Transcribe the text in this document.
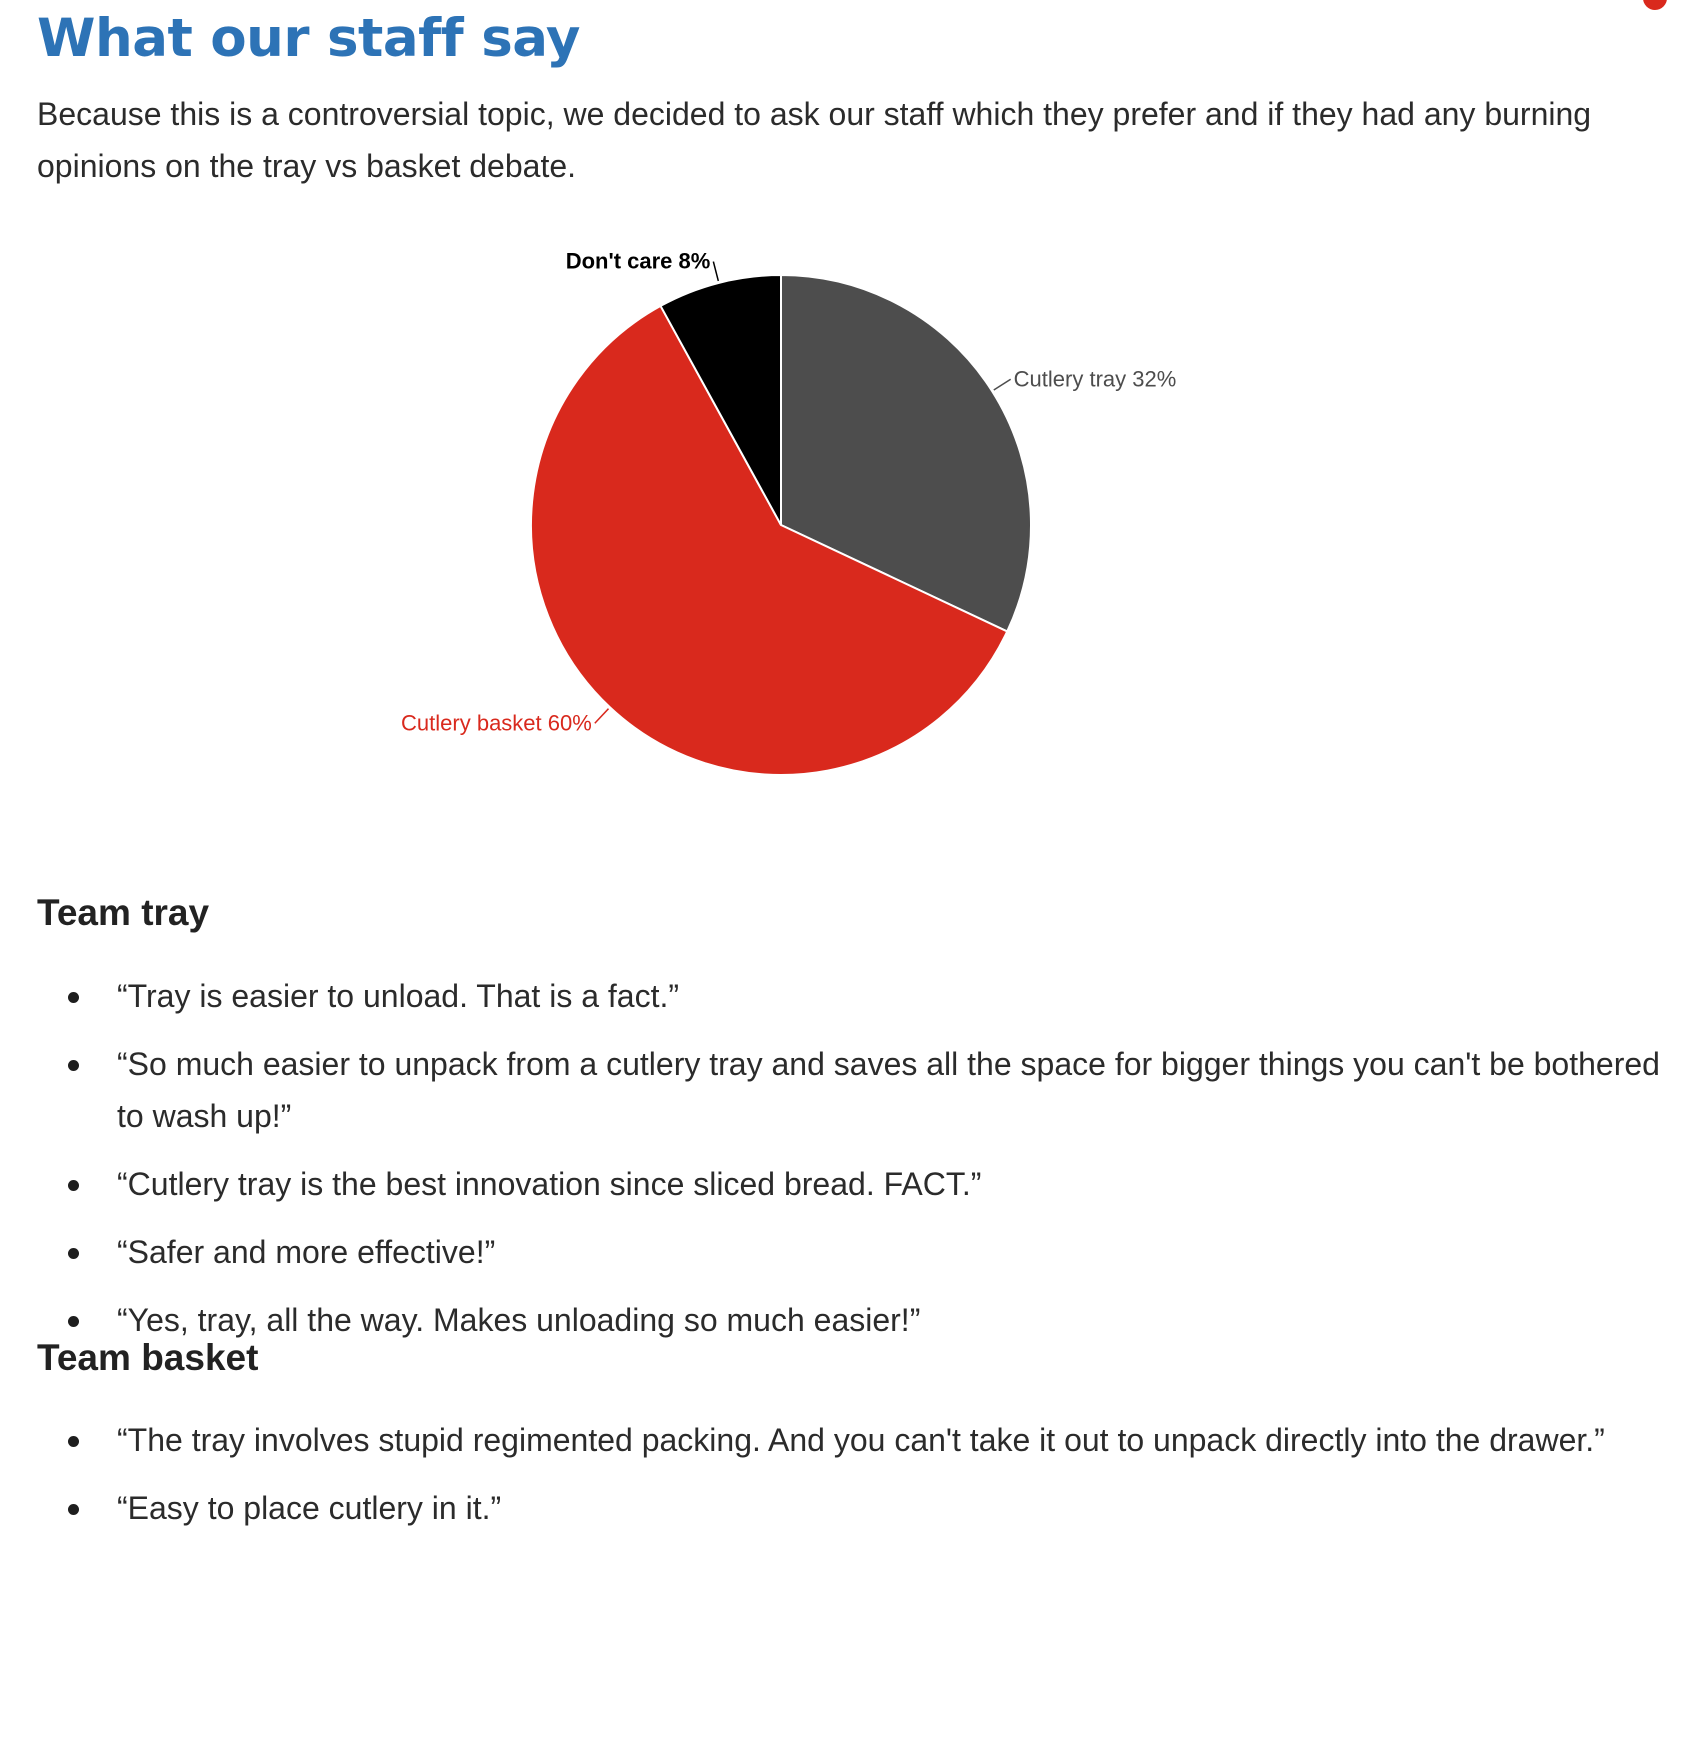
What our staff say

Because this is a controversial topic, we decided to ask our staff which they prefer and if they had any burning opinions on the tray vs basket debate.

Cutlery tray 32%
Cutlery basket 60%
Don't care 8%
Team tray
“Tray is easier to unload. That is a fact.”
“So much easier to unpack from a cutlery tray and saves all the space for bigger things you can't be bothered to wash up!”
“Cutlery tray is the best innovation since sliced bread. FACT.”
“Safer and more effective!”
“Yes, tray, all the way. Makes unloading so much easier!”
Team basket
“The tray involves stupid regimented packing. And you can't take it out to unpack directly into the drawer.”
“Easy to place cutlery in it.”
